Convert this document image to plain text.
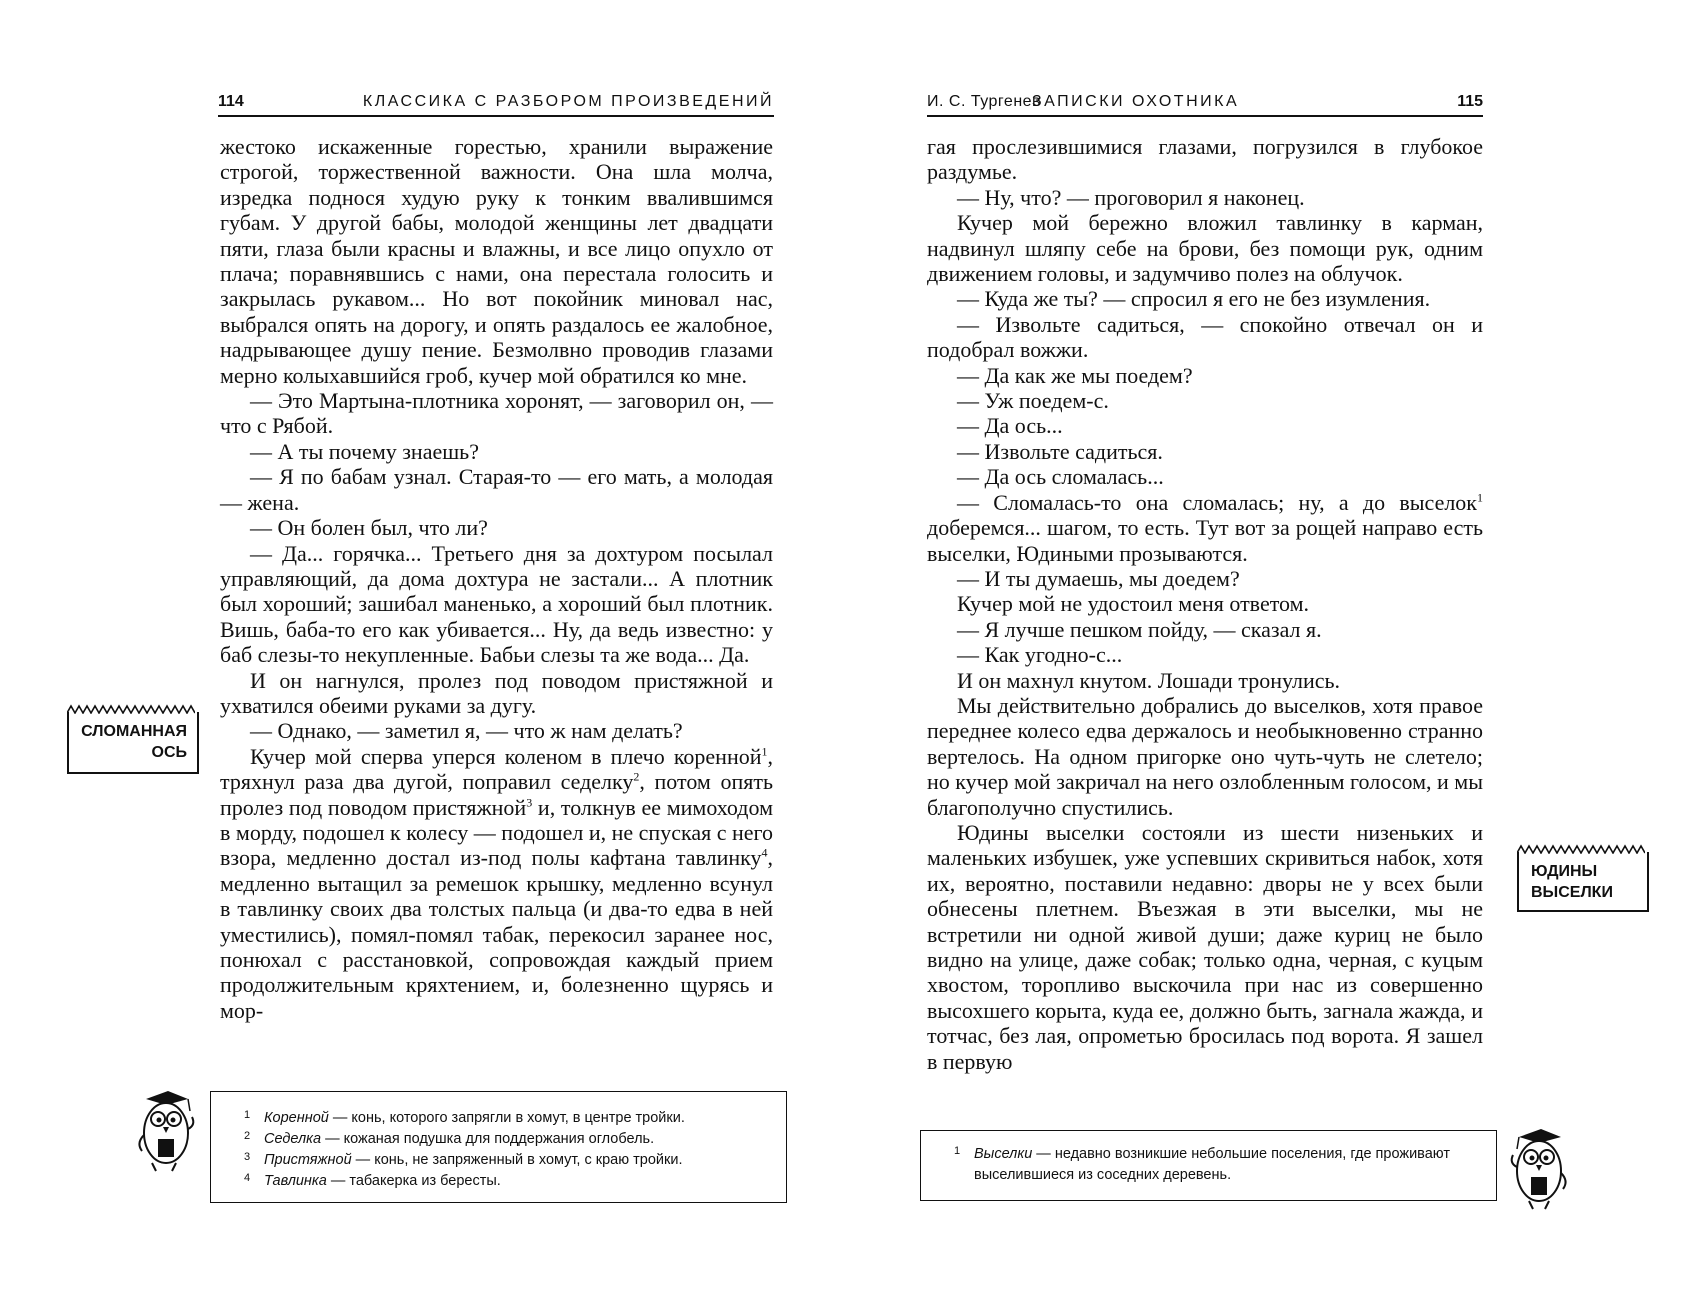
114	КЛАССИКА С РАЗБОРОМ ПРОИЗВЕДЕНИЙ

жестоко искаженные горестью, хранили выражение строгой, торжественной важности. Она шла молча, изредка поднося худую руку к тонким ввалившимся губам. У другой бабы, молодой женщины лет двадцати пяти, глаза были красны и влажны, и все лицо опухло от плача; поравнявшись с нами, она перестала голосить и закрылась рукавом... Но вот покойник миновал нас, выбрался опять на дорогу, и опять раздалось ее жалобное, надрывающее душу пение. Безмолвно проводив глазами мерно колыхавшийся гроб, кучер мой обратился ко мне.

— Это Мартына-плотника хоронят, — заговорил он, — что с Рябой.

— А ты почему знаешь?

— Я по бабам узнал. Старая-то — его мать, а молодая — жена.

— Он болен был, что ли?

— Да... горячка... Третьего дня за дохтуром посылал управляющий, да дома дохтура не застали... А плотник был хороший; зашибал маненько, а хороший был плотник. Вишь, баба-то его как убивается... Ну, да ведь известно: у баб слезы-то некупленные. Бабьи слезы та же вода... Да.

И он нагнулся, пролез под поводом пристяжной и ухватился обеими руками за дугу.

— Однако, — заметил я, — что ж нам делать?

Кучер мой сперва уперся коленом в плечо коренной$^1$, тряхнул раза два дугой, поправил седелку$^2$, потом опять пролез под поводом пристяжной$^3$ и, толкнув ее мимоходом в морду, подошел к колесу — подошел и, не спуская с него взора, медленно достал из-под полы кафтана тавлинку$^4$, медленно вытащил за ремешок крышку, медленно всунул в тавлинку своих два толстых пальца (и два-то едва в ней уместились), помял-помял табак, перекосил заранее нос, понюхал с расстановкой, сопровождая каждый прием продолжительным кряхтением, и, болезненно щурясь и мор-

СЛОМАННАЯ
ОСЬ
1 Коренной — конь, которого запрягли в хомут, в центре тройки.
2 Седелка — кожаная подушка для поддержания оглобель.
3 Пристяжной — конь, не запряженный в хомут, с краю тройки.
4 Тавлинка — табакерка из бересты.
И. С. Тургенев
ЗАПИСКИ ОХОТНИКА	115

гая прослезившимися глазами, погрузился в глубокое раздумье.

— Ну, что? — проговорил я наконец.

Кучер мой бережно вложил тавлинку в карман, надвинул шляпу себе на брови, без помощи рук, одним движением головы, и задумчиво полез на облучок.

— Куда же ты? — спросил я его не без изумления.

— Извольте садиться, — спокойно отвечал он и подобрал вожжи.

— Да как же мы поедем?

— Уж поедем-с.

— Да ось...

— Извольте садиться.

— Да ось сломалась...

— Сломалась-то она сломалась; ну, а до выселок$^1$ доберемся... шагом, то есть. Тут вот за рощей направо есть выселки, Юдиными прозываются.

— И ты думаешь, мы доедем?

Кучер мой не удостоил меня ответом.

— Я лучше пешком пойду, — сказал я.

— Как угодно-с...

И он махнул кнутом. Лошади тронулись.

Мы действительно добрались до выселков, хотя правое переднее колесо едва держалось и необыкновенно странно вертелось. На одном пригорке оно чуть-чуть не слетело; но кучер мой закричал на него озлобленным голосом, и мы благополучно спустились.

Юдины выселки состояли из шести низеньких и маленьких избушек, уже успевших скривиться набок, хотя их, вероятно, поставили недавно: дворы не у всех были обнесены плетнем. Въезжая в эти выселки, мы не встретили ни одной живой души; даже куриц не было видно на улице, даже собак; только одна, черная, с куцым хвостом, торопливо выскочила при нас из совершенно высохшего корыта, куда ее, должно быть, загнала жажда, и тотчас, без лая, опрометью бросилась под ворота. Я зашел в первую

ЮДИНЫ
ВЫСЕЛКИ
1 Выселки — недавно возникшие небольшие поселения, где проживают выселившиеся из соседних деревень.
